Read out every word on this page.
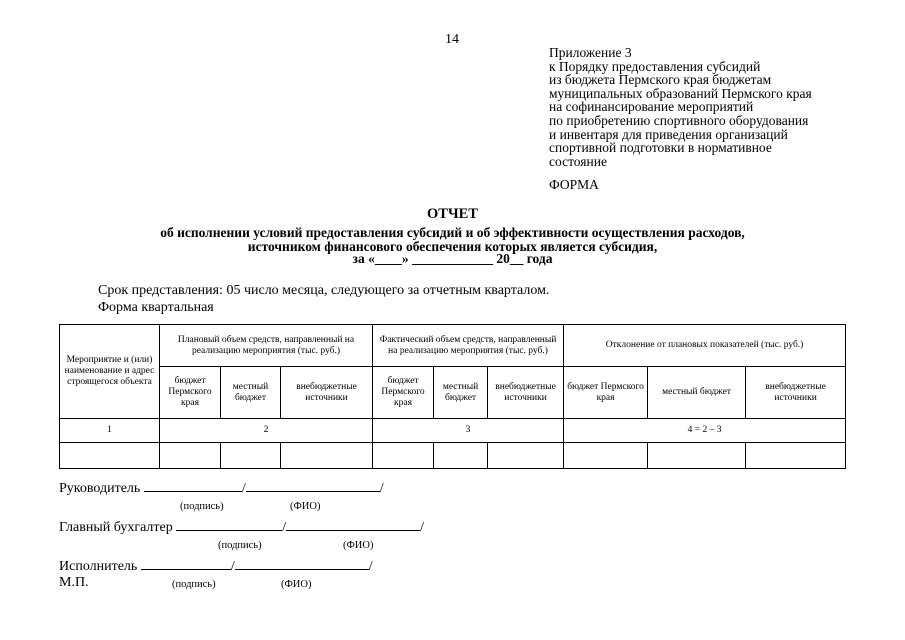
14
Приложение 3
к Порядку предоставления субсидий
из бюджета Пермского края бюджетам
муниципальных образований Пермского края
на софинансирование мероприятий
по приобретению спортивного оборудования
и инвентаря для приведения организаций
спортивной подготовки в нормативное
состояние
ФОРМА
ОТЧЕТ
об исполнении условий предоставления субсидий и об эффективности осуществления расходов,
источником финансового обеспечения которых является субсидия,
за «____» ____________ 20__ года
Срок представления: 05 число месяца, следующего за отчетным кварталом.
Форма квартальная
Мероприятие и (или) наименование и адрес строящегося объекта	Плановый объем средств, направленный на реализацию мероприятия (тыс. руб.)			Фактический объем средств, направленный на реализацию мероприятия (тыс. руб.)			Отклонение от плановых показателей (тыс. руб.)		
	бюджет Пермского края	местный бюджет	внебюджетные источники	бюджет Пермского края	местный бюджет	внебюджетные источники	бюджет Пермского края	местный бюджет	внебюджетные источники
1	2			3			4 = 2 – 3		

Руководитель	/	/
(подпись)	(ФИО)
Главный бухгалтер	/	/
(подпись)	(ФИО)
Исполнитель	/	/
М.П.	(подпись)	(ФИО)
